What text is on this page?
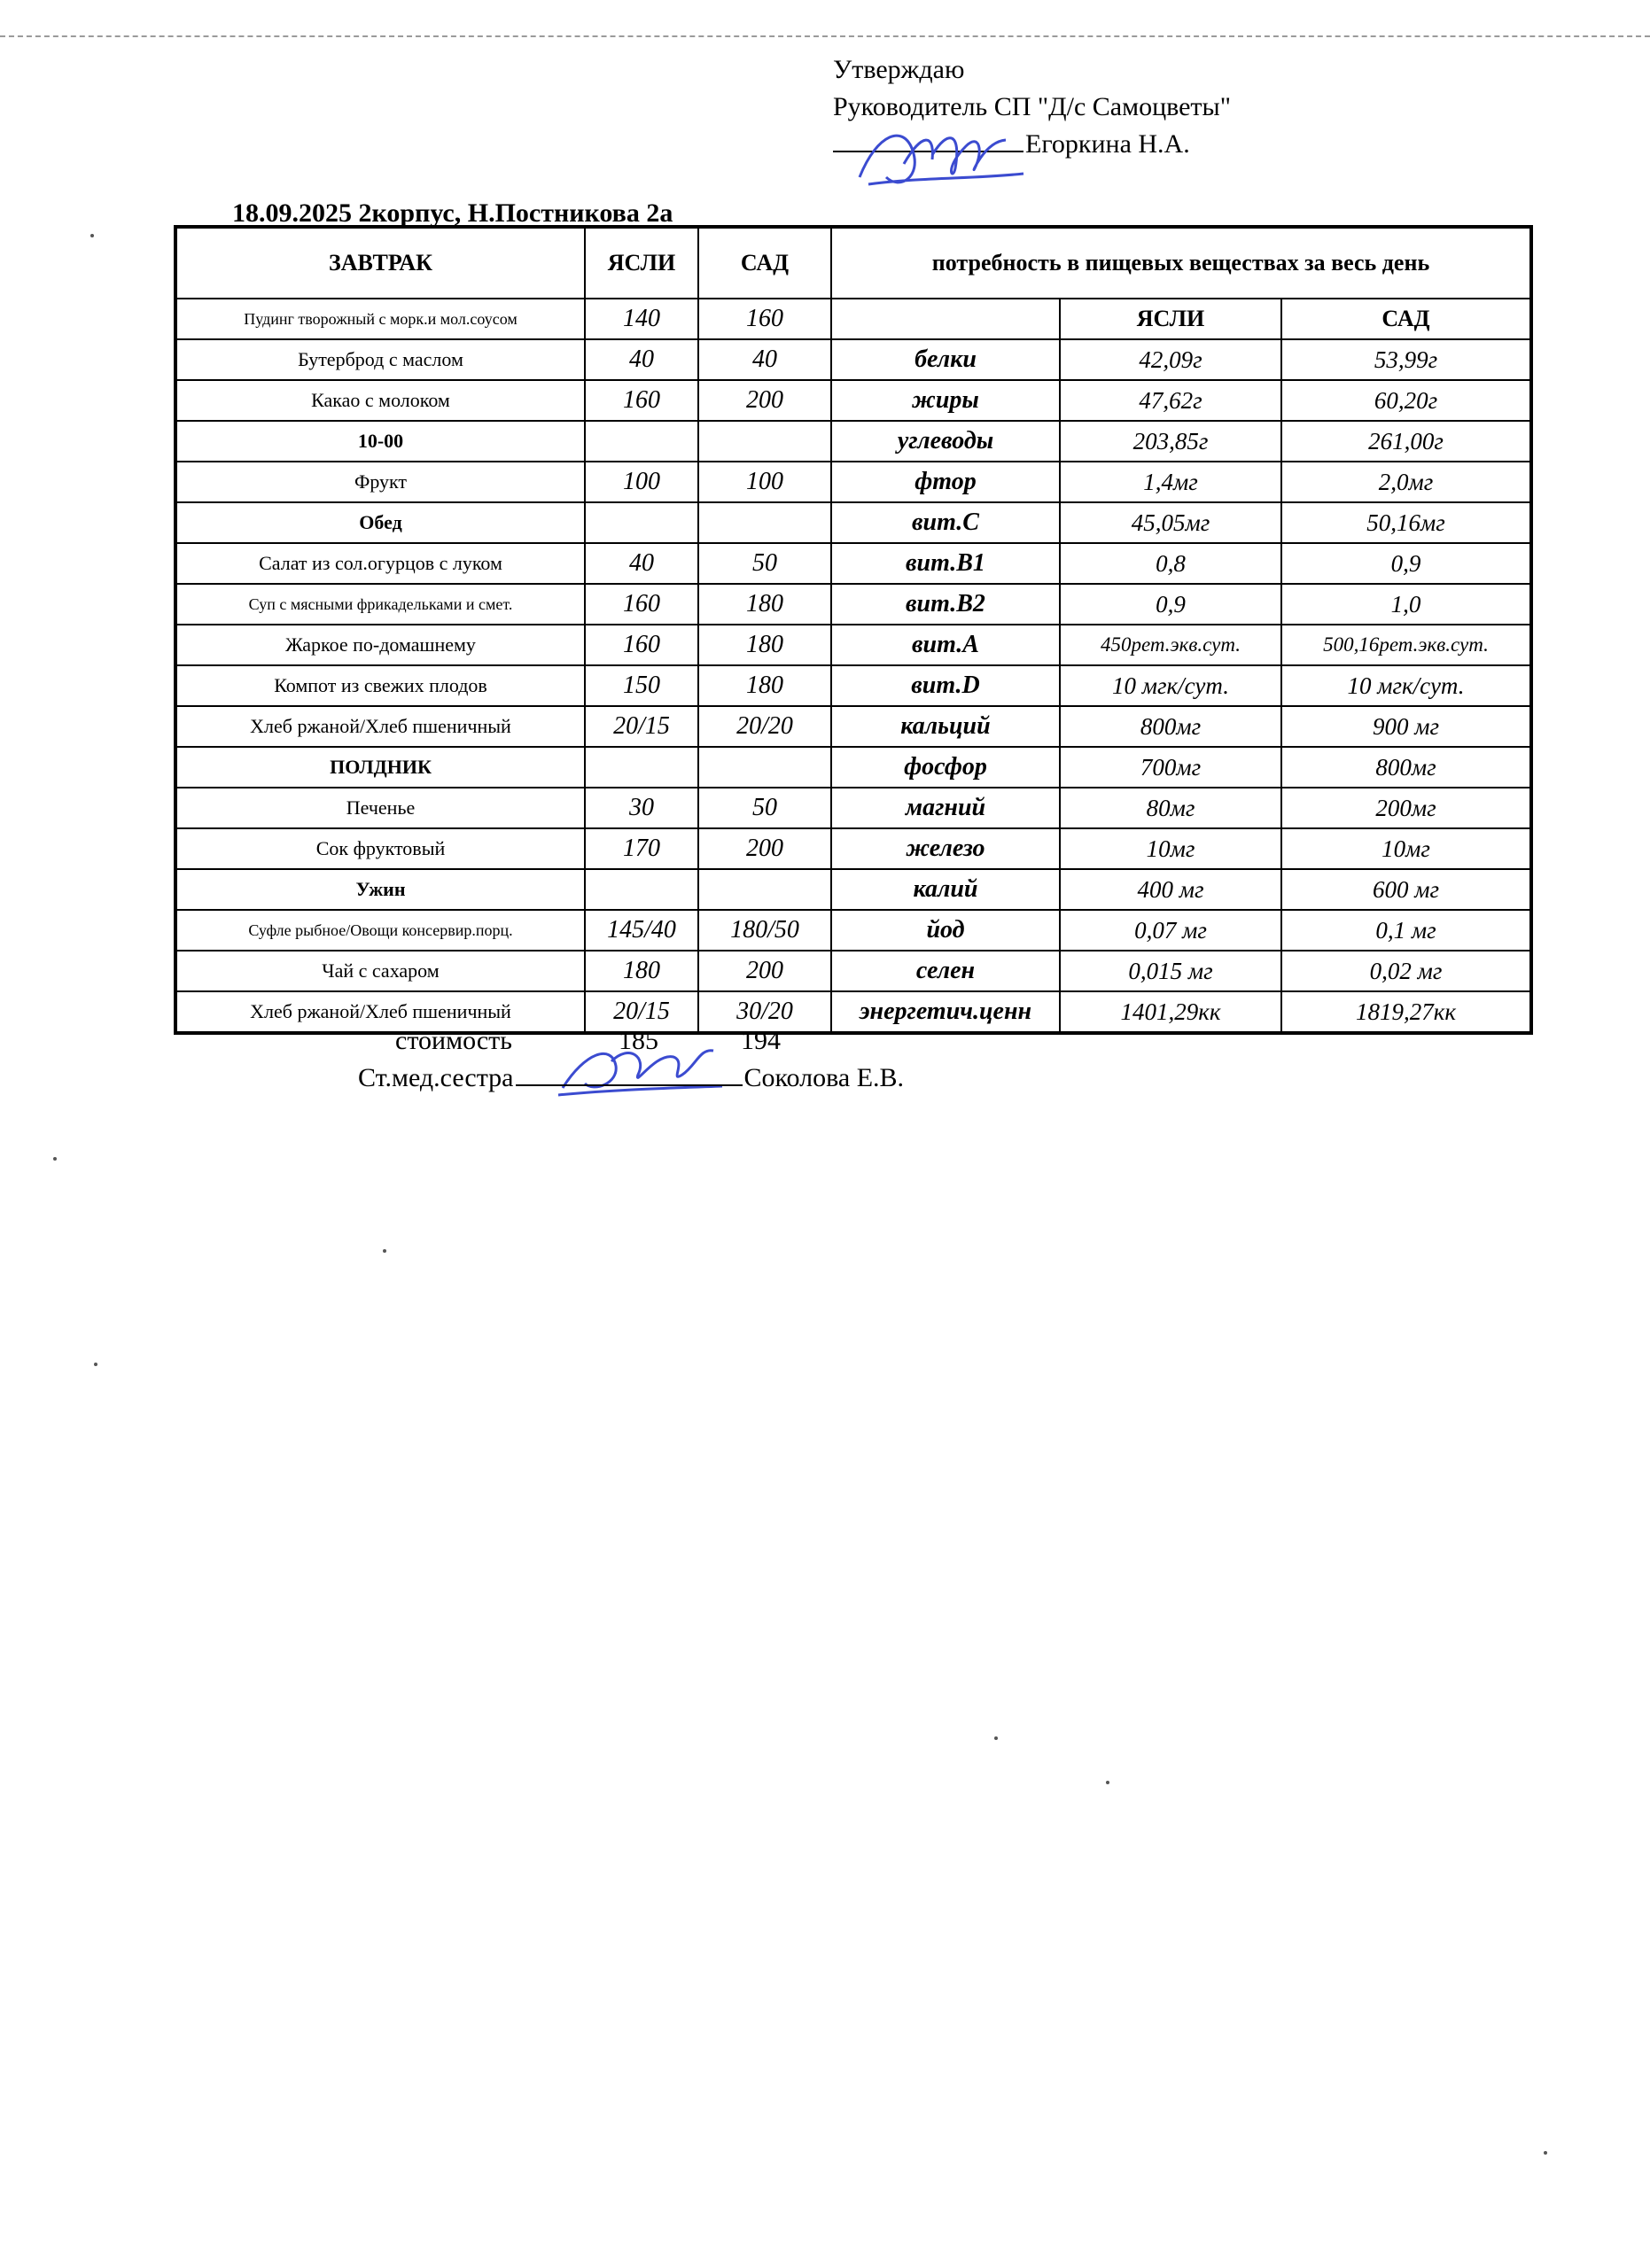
Утверждаю
Руководитель СП "Д/с Самоцветы"
Егоркина Н.А.
18.09.2025 2корпус, Н.Постникова 2а
ЗАВТРАК	ЯСЛИ	САД	потребность в пищевых веществах за весь день		
Пудинг творожный с морк.и мол.соусом	140	160		ЯСЛИ	САД
Бутерброд с маслом	40	40	белки	42,09г	53,99г
Какао с молоком	160	200	жиры	47,62г	60,20г
10-00			углеводы	203,85г	261,00г
Фрукт	100	100	фтор	1,4мг	2,0мг
Обед			вит.С	45,05мг	50,16мг
Салат из сол.огурцов с луком	40	50	вит.В1	0,8	0,9
Суп с мясными фрикадельками и смет.	160	180	вит.В2	0,9	1,0
Жаркое по-домашнему	160	180	вит.А	450рет.экв.сут.	500,16рет.экв.сут.
Компот из свежих плодов	150	180	вит.D	10 мгк/сут.	10 мгк/сут.
Хлеб ржаной/Хлеб пшеничный	20/15	20/20	кальций	800мг	900 мг
ПОЛДНИК			фосфор	700мг	800мг
Печенье	30	50	магний	80мг	200мг
Сок фруктовый	170	200	железо	10мг	10мг
Ужин			калий	400 мг	600 мг
Суфле рыбное/Овощи консервир.порц.	145/40	180/50	йод	0,07 мг	0,1 мг
Чай с сахаром	180	200	селен	0,015 мг	0,02 мг
Хлеб ржаной/Хлеб пшеничный	20/15	30/20	энергетич.ценн	1401,29кк	1819,27кк
стоимость	185	194
Ст.мед.сестра	Соколова Е.В.
